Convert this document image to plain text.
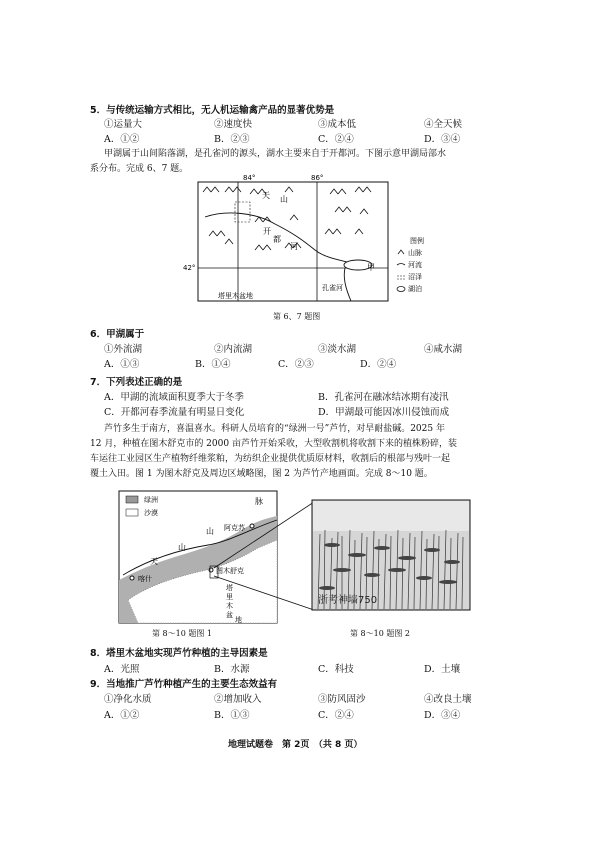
5．与传统运输方式相比，无人机运输禽产品的显著优势是
①运量大	②速度快	③成本低	④全天候
A．①②	B．②③	C．②④	D．③④
甲湖属于山间陷落湖，是孔雀河的源头，湖水主要来自于开都河。下图示意甲湖局部水
系分布。完成 6、7 题。
84°	86°
42°
天 山
开
都
河
甲
孔雀河
塔里木盆地
图例
山脉
河流
沼泽
湖泊
第 6、7 题图
6．甲湖属于
①外流湖	②内流湖	③淡水湖	④咸水湖
A．①③	B．①④	C．②③	D．②④
7．下列表述正确的是
A．甲湖的流域面积夏季大于冬季	B．孔雀河在融冰结冰期有凌汛
C．开都河春季流量有明显日变化	D．甲湖最可能因冰川侵蚀而成
芦竹多生于南方，喜温喜水。科研人员培育的“绿洲一号”芦竹，对旱耐盐碱。2025 年
12 月，种植在图木舒克市的 2000 亩芦竹开始采收，大型收割机将收割下来的植株粉碎，装
车运往工业园区生产植物纤维浆粕，为纺织企业提供优质原材料，收割后的根部与残叶一起
覆土入田。图 1 为图木舒克及周边区域略图，图 2 为芦竹产地画面。完成 8～10 题。
绿洲
沙漠
脉
山
天
山
阿克苏
喀什
图木舒克
塔
里
木
盆
地
第 8～10 题图 1
浙考神墙750
第 8～10 题图 2
8．塔里木盆地实现芦竹种植的主导因素是
A．光照	B．水源	C．科技	D．土壤
9．当地推广芦竹种植产生的主要生态效益有
①净化水质	②增加收入	③防风固沙	④改良土壤
A．①②	B．①③	C．②④	D．③④
地理试题卷　第 2页　（共 8 页）
